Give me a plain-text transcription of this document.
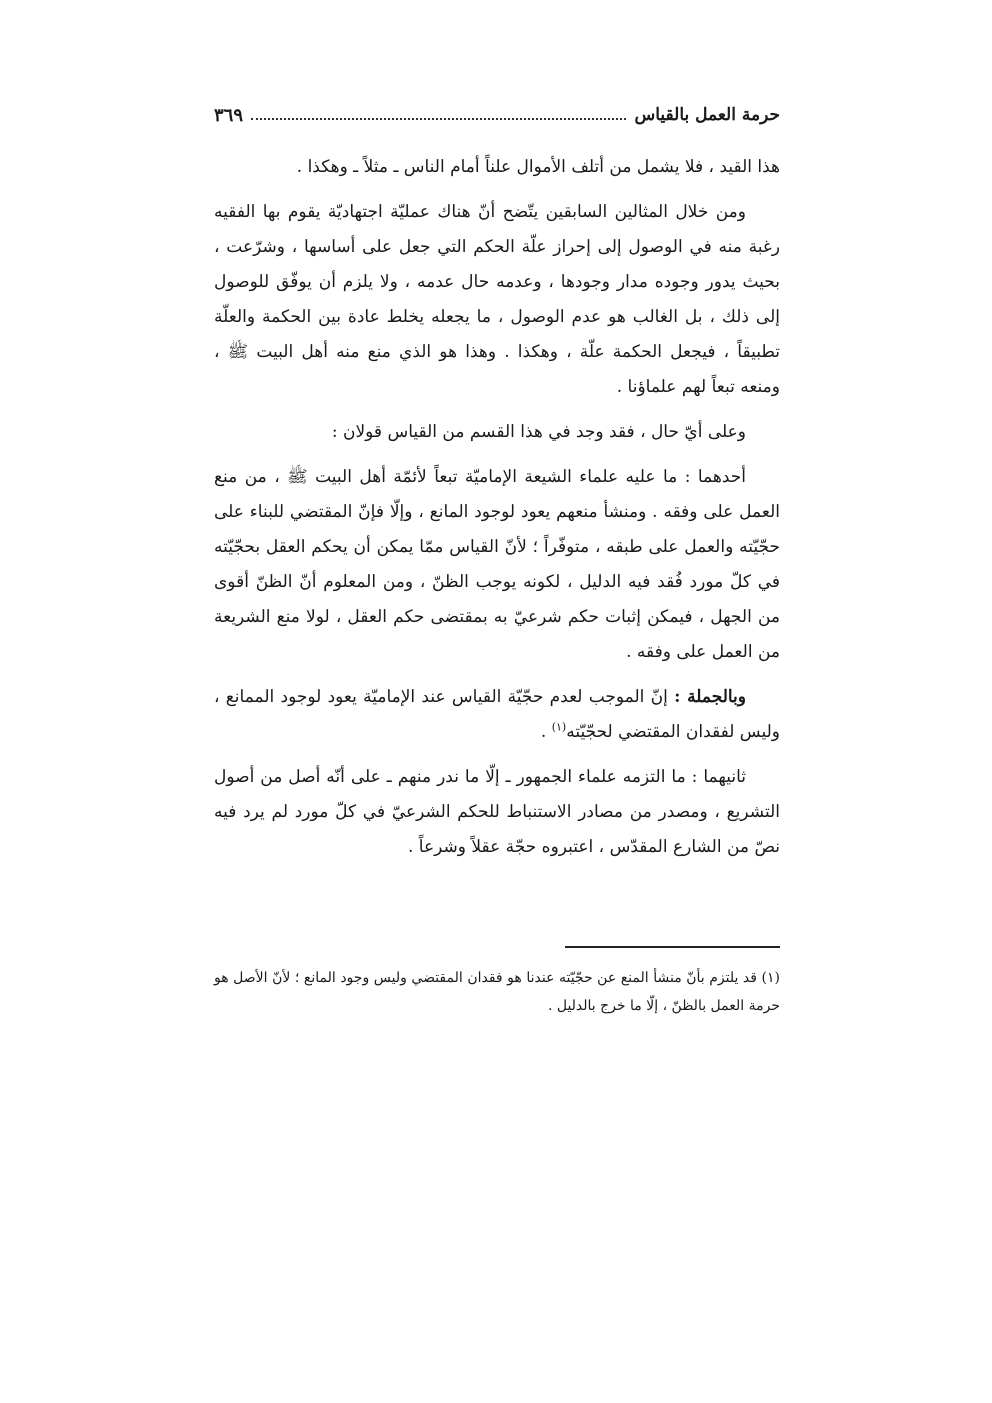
حرمة العمل بالقياس
٣٦٩

هذا القيد ، فلا يشمل من أتلف الأموال علناً أمام الناس ـ مثلاً ـ وهكذا .

ومن خلال المثالين السابقين يتّضح أنّ هناك عمليّة اجتهاديّة يقوم بها الفقيه رغبة منه في الوصول إلى إحراز علّة الحكم التي جعل على أساسها ، وشرّعت ، بحيث يدور وجوده مدار وجودها ، وعدمه حال عدمه ، ولا يلزم أن يوفّق للوصول إلى ذلك ، بل الغالب هو عدم الوصول ، ما يجعله يخلط عادة بين الحكمة والعلّة تطبيقاً ، فيجعل الحكمة علّة ، وهكذا . وهذا هو الذي منع منه أهل البيت ﷺ ، ومنعه تبعاً لهم علماؤنا .

وعلى أيّ حال ، فقد وجد في هذا القسم من القياس قولان :

أحدهما : ما عليه علماء الشيعة الإماميّة تبعاً لأئمّة أهل البيت ﷺ ، من منع العمل على وفقه . ومنشأ منعهم يعود لوجود المانع ، وإلّا فإنّ المقتضي للبناء على حجّيّته والعمل على طبقه ، متوفّراً ؛ لأنّ القياس ممّا يمكن أن يحكم العقل بحجّيّته في كلّ مورد فُقد فيه الدليل ، لكونه يوجب الظنّ ، ومن المعلوم أنّ الظنّ أقوى من الجهل ، فيمكن إثبات حكم شرعيّ به بمقتضى حكم العقل ، لولا منع الشريعة من العمل على وفقه .

وبالجملة : إنّ الموجب لعدم حجّيّة القياس عند الإماميّة يعود لوجود الممانع ، وليس لفقدان المقتضي لحجّيّته$^{(١)}$ .

ثانيهما : ما التزمه علماء الجمهور ـ إلّا ما ندر منهم ـ على أنّه أصل من أصول التشريع ، ومصدر من مصادر الاستنباط للحكم الشرعيّ في كلّ مورد لم يرد فيه نصّ من الشارع المقدّس ، اعتبروه حجّة عقلاً وشرعاً .

(١) قد يلتزم بأنّ منشأ المنع عن حجّيّته عندنا هو فقدان المقتضي وليس وجود المانع ؛ لأنّ الأصل هو حرمة العمل بالظنّ ، إلّا ما خرج بالدليل .
